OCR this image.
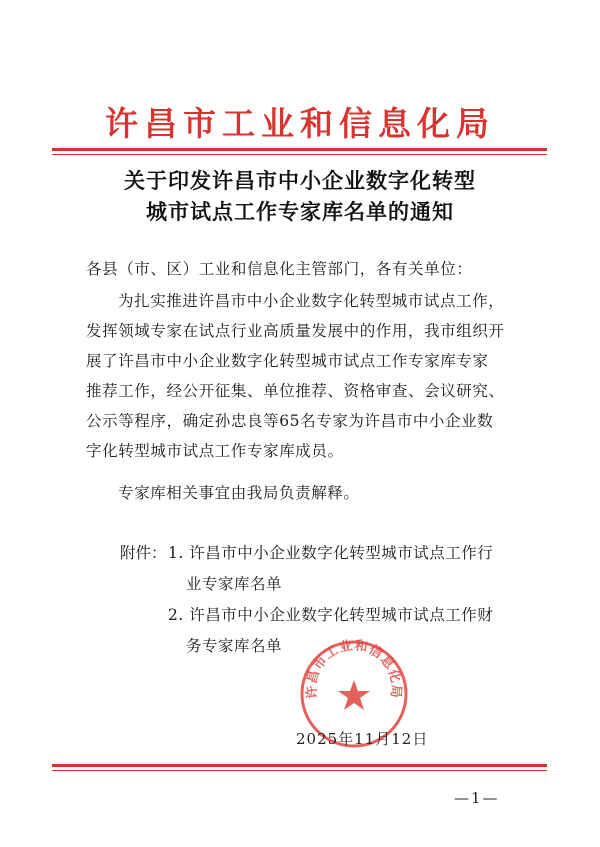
许昌市工业和信息化局
关于印发许昌市中小企业数字化转型
城市试点工作专家库名单的通知
各县（市、区）工业和信息化主管部门，各有关单位：
为扎实推进许昌市中小企业数字化转型城市试点工作，
发挥领域专家在试点行业高质量发展中的作用，我市组织开
展了许昌市中小企业数字化转型城市试点工作专家库专家
推荐工作，经公开征集、单位推荐、资格审查、会议研究、
公示等程序，确定孙忠良等65名专家为许昌市中小企业数
字化转型城市试点工作专家库成员。
专家库相关事宜由我局负责解释。
附件： 1. 许昌市中小企业数字化转型城市试点工作行
业专家库名单
2. 许昌市中小企业数字化转型城市试点工作财
务专家库名单
许昌市工业和信息化局
2025年11月12日
—1—
